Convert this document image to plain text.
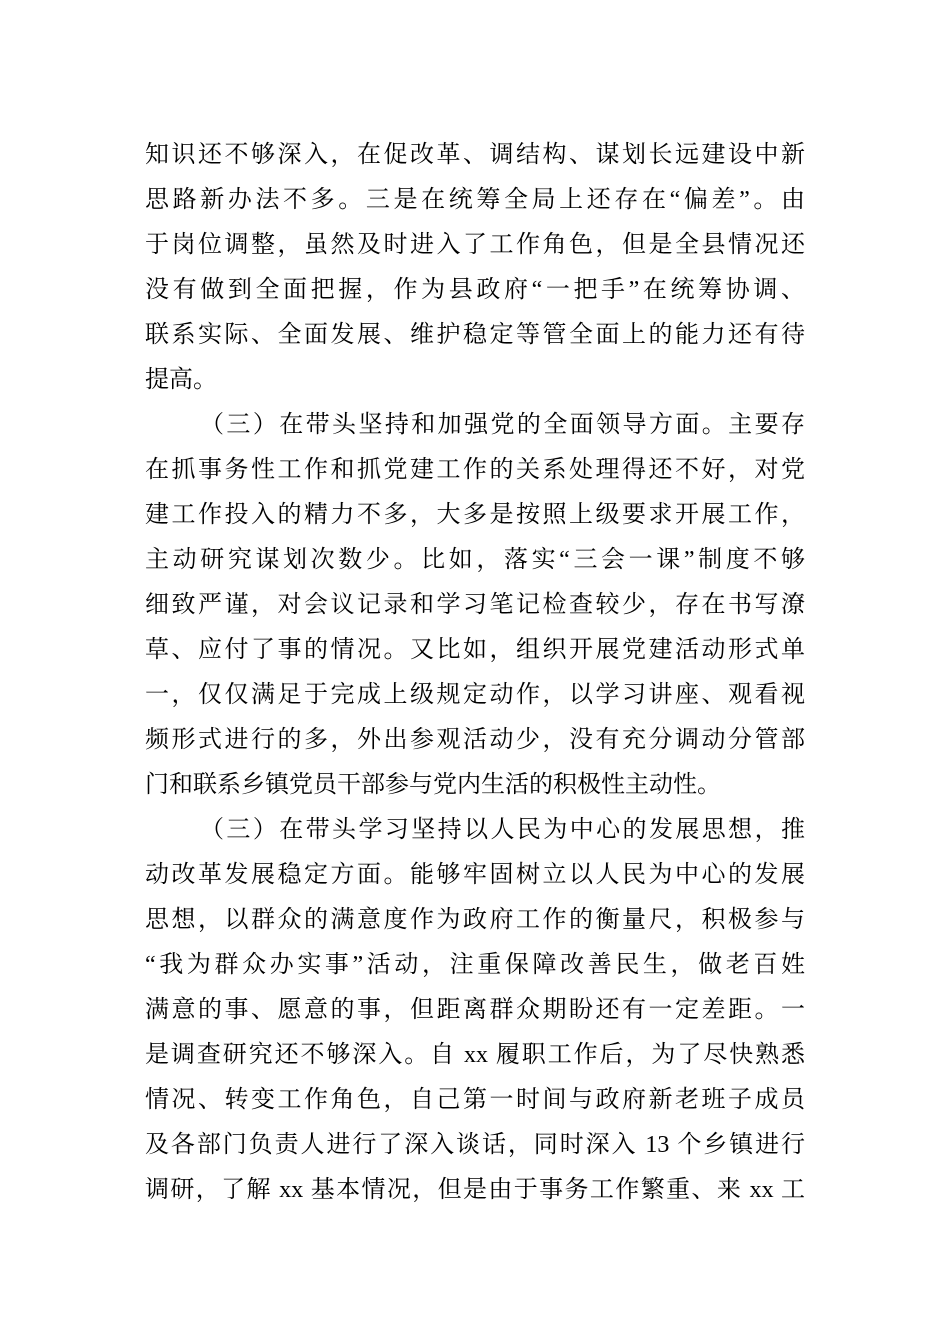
知识还不够深入，在促改革、调结构、谋划长远建设中新
思路新办法不多。三是在统筹全局上还存在“偏差”。由
于岗位调整，虽然及时进入了工作角色，但是全县情况还
没有做到全面把握，作为县政府“一把手”在统筹协调、
联系实际、全面发展、维护稳定等管全面上的能力还有待
提高。
（三）在带头坚持和加强党的全面领导方面。主要存
在抓事务性工作和抓党建工作的关系处理得还不好，对党
建工作投入的精力不多，大多是按照上级要求开展工作，
主动研究谋划次数少。比如，落实“三会一课”制度不够
细致严谨，对会议记录和学习笔记检查较少，存在书写潦
草、应付了事的情况。又比如，组织开展党建活动形式单
一，仅仅满足于完成上级规定动作，以学习讲座、观看视
频形式进行的多，外出参观活动少，没有充分调动分管部
门和联系乡镇党员干部参与党内生活的积极性主动性。
（三）在带头学习坚持以人民为中心的发展思想，推
动改革发展稳定方面。能够牢固树立以人民为中心的发展
思想，以群众的满意度作为政府工作的衡量尺，积极参与
“我为群众办实事”活动，注重保障改善民生，做老百姓
满意的事、愿意的事，但距离群众期盼还有一定差距。一
是调查研究还不够深入。自 xx 履职工作后，为了尽快熟悉
情况、转变工作角色，自己第一时间与政府新老班子成员
及各部门负责人进行了深入谈话，同时深入 13 个乡镇进行
调研，了解 xx 基本情况，但是由于事务工作繁重、来 xx 工
